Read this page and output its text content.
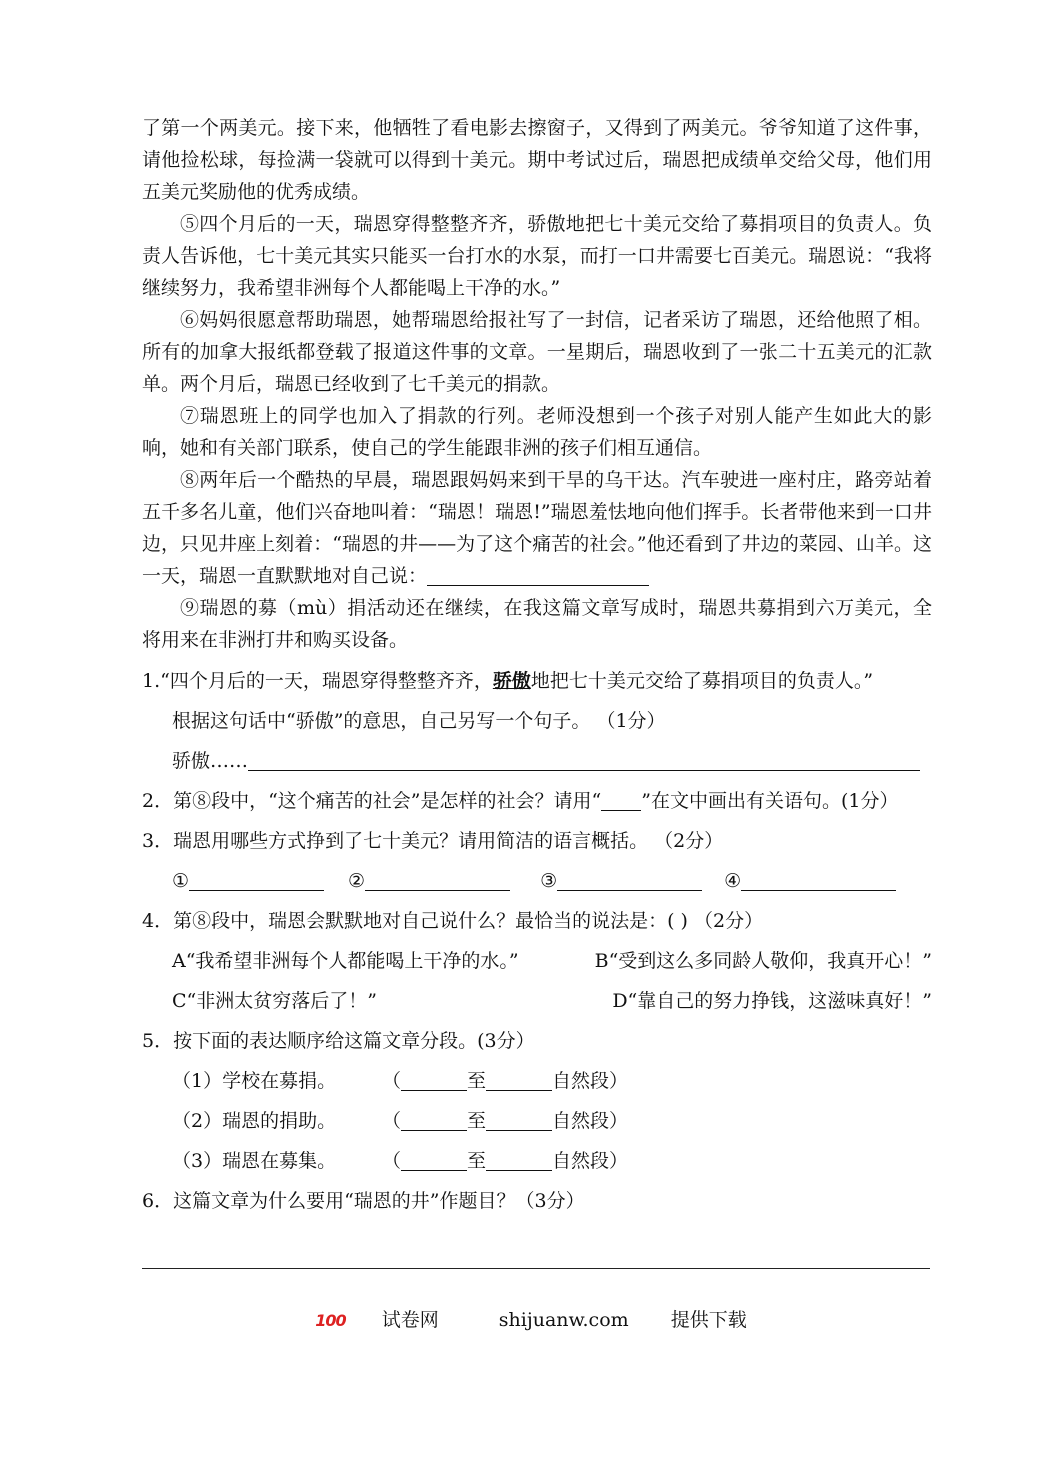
了第一个两美元。接下来，他牺牲了看电影去擦窗子，又得到了两美元。爷爷知道了这件事，请他捡松球，每捡满一袋就可以得到十美元。期中考试过后，瑞恩把成绩单交给父母，他们用五美元奖励他的优秀成绩。

⑤四个月后的一天，瑞恩穿得整整齐齐，骄傲地把七十美元交给了募捐项目的负责人。负责人告诉他，七十美元其实只能买一台打水的水泵，而打一口井需要七百美元。瑞恩说：“我将继续努力，我希望非洲每个人都能喝上干净的水。”

⑥妈妈很愿意帮助瑞恩，她帮瑞恩给报社写了一封信，记者采访了瑞恩，还给他照了相。所有的加拿大报纸都登载了报道这件事的文章。一星期后，瑞恩收到了一张二十五美元的汇款单。两个月后，瑞恩已经收到了七千美元的捐款。

⑦瑞恩班上的同学也加入了捐款的行列。老师没想到一个孩子对别人能产生如此大的影响，她和有关部门联系，使自己的学生能跟非洲的孩子们相互通信。

⑧两年后一个酷热的早晨，瑞恩跟妈妈来到干旱的乌干达。汽车驶进一座村庄，路旁站着五千多名儿童，他们兴奋地叫着：“瑞恩！瑞恩!”瑞恩羞怯地向他们挥手。长者带他来到一口井边，只见井座上刻着：“瑞恩的井——为了这个痛苦的社会。”他还看到了井边的菜园、山羊。这一天，瑞恩一直默默地对自己说：

⑨瑞恩的募（mù）捐活动还在继续，在我这篇文章写成时，瑞恩共募捐到六万美元，全将用来在非洲打井和购买设备。

1.“四个月后的一天，瑞恩穿得整整齐齐，骄傲地把七十美元交给了募捐项目的负责人。”
根据这句话中“骄傲”的意思，自己另写一个句子。 （1分）
骄傲……
2．第⑧段中，“这个痛苦的社会”是怎样的社会？请用“ ”在文中画出有关语句。(1分）
3．瑞恩用哪些方式挣到了七十美元？请用简洁的语言概括。 （2分）
①	②	③	④
4．第⑧段中，瑞恩会默默地对自己说什么？最恰当的说法是：( ) （2分）
A“我希望非洲每个人都能喝上干净的水。”	B“受到这么多同龄人敬仰，我真开心！”
C“非洲太贫穷落后了！”	D“靠自己的努力挣钱，这滋味真好！”
5．按下面的表达顺序给这篇文章分段。(3分）
（1）学校在募捐。 （	至	自然段）
（2）瑞恩的捐助。 （	至	自然段）
（3）瑞恩在募集。 （	至	自然段）
6．这篇文章为什么要用“瑞恩的井”作题目？（3分）
100 试卷网	shijuanw.com 提供下载
